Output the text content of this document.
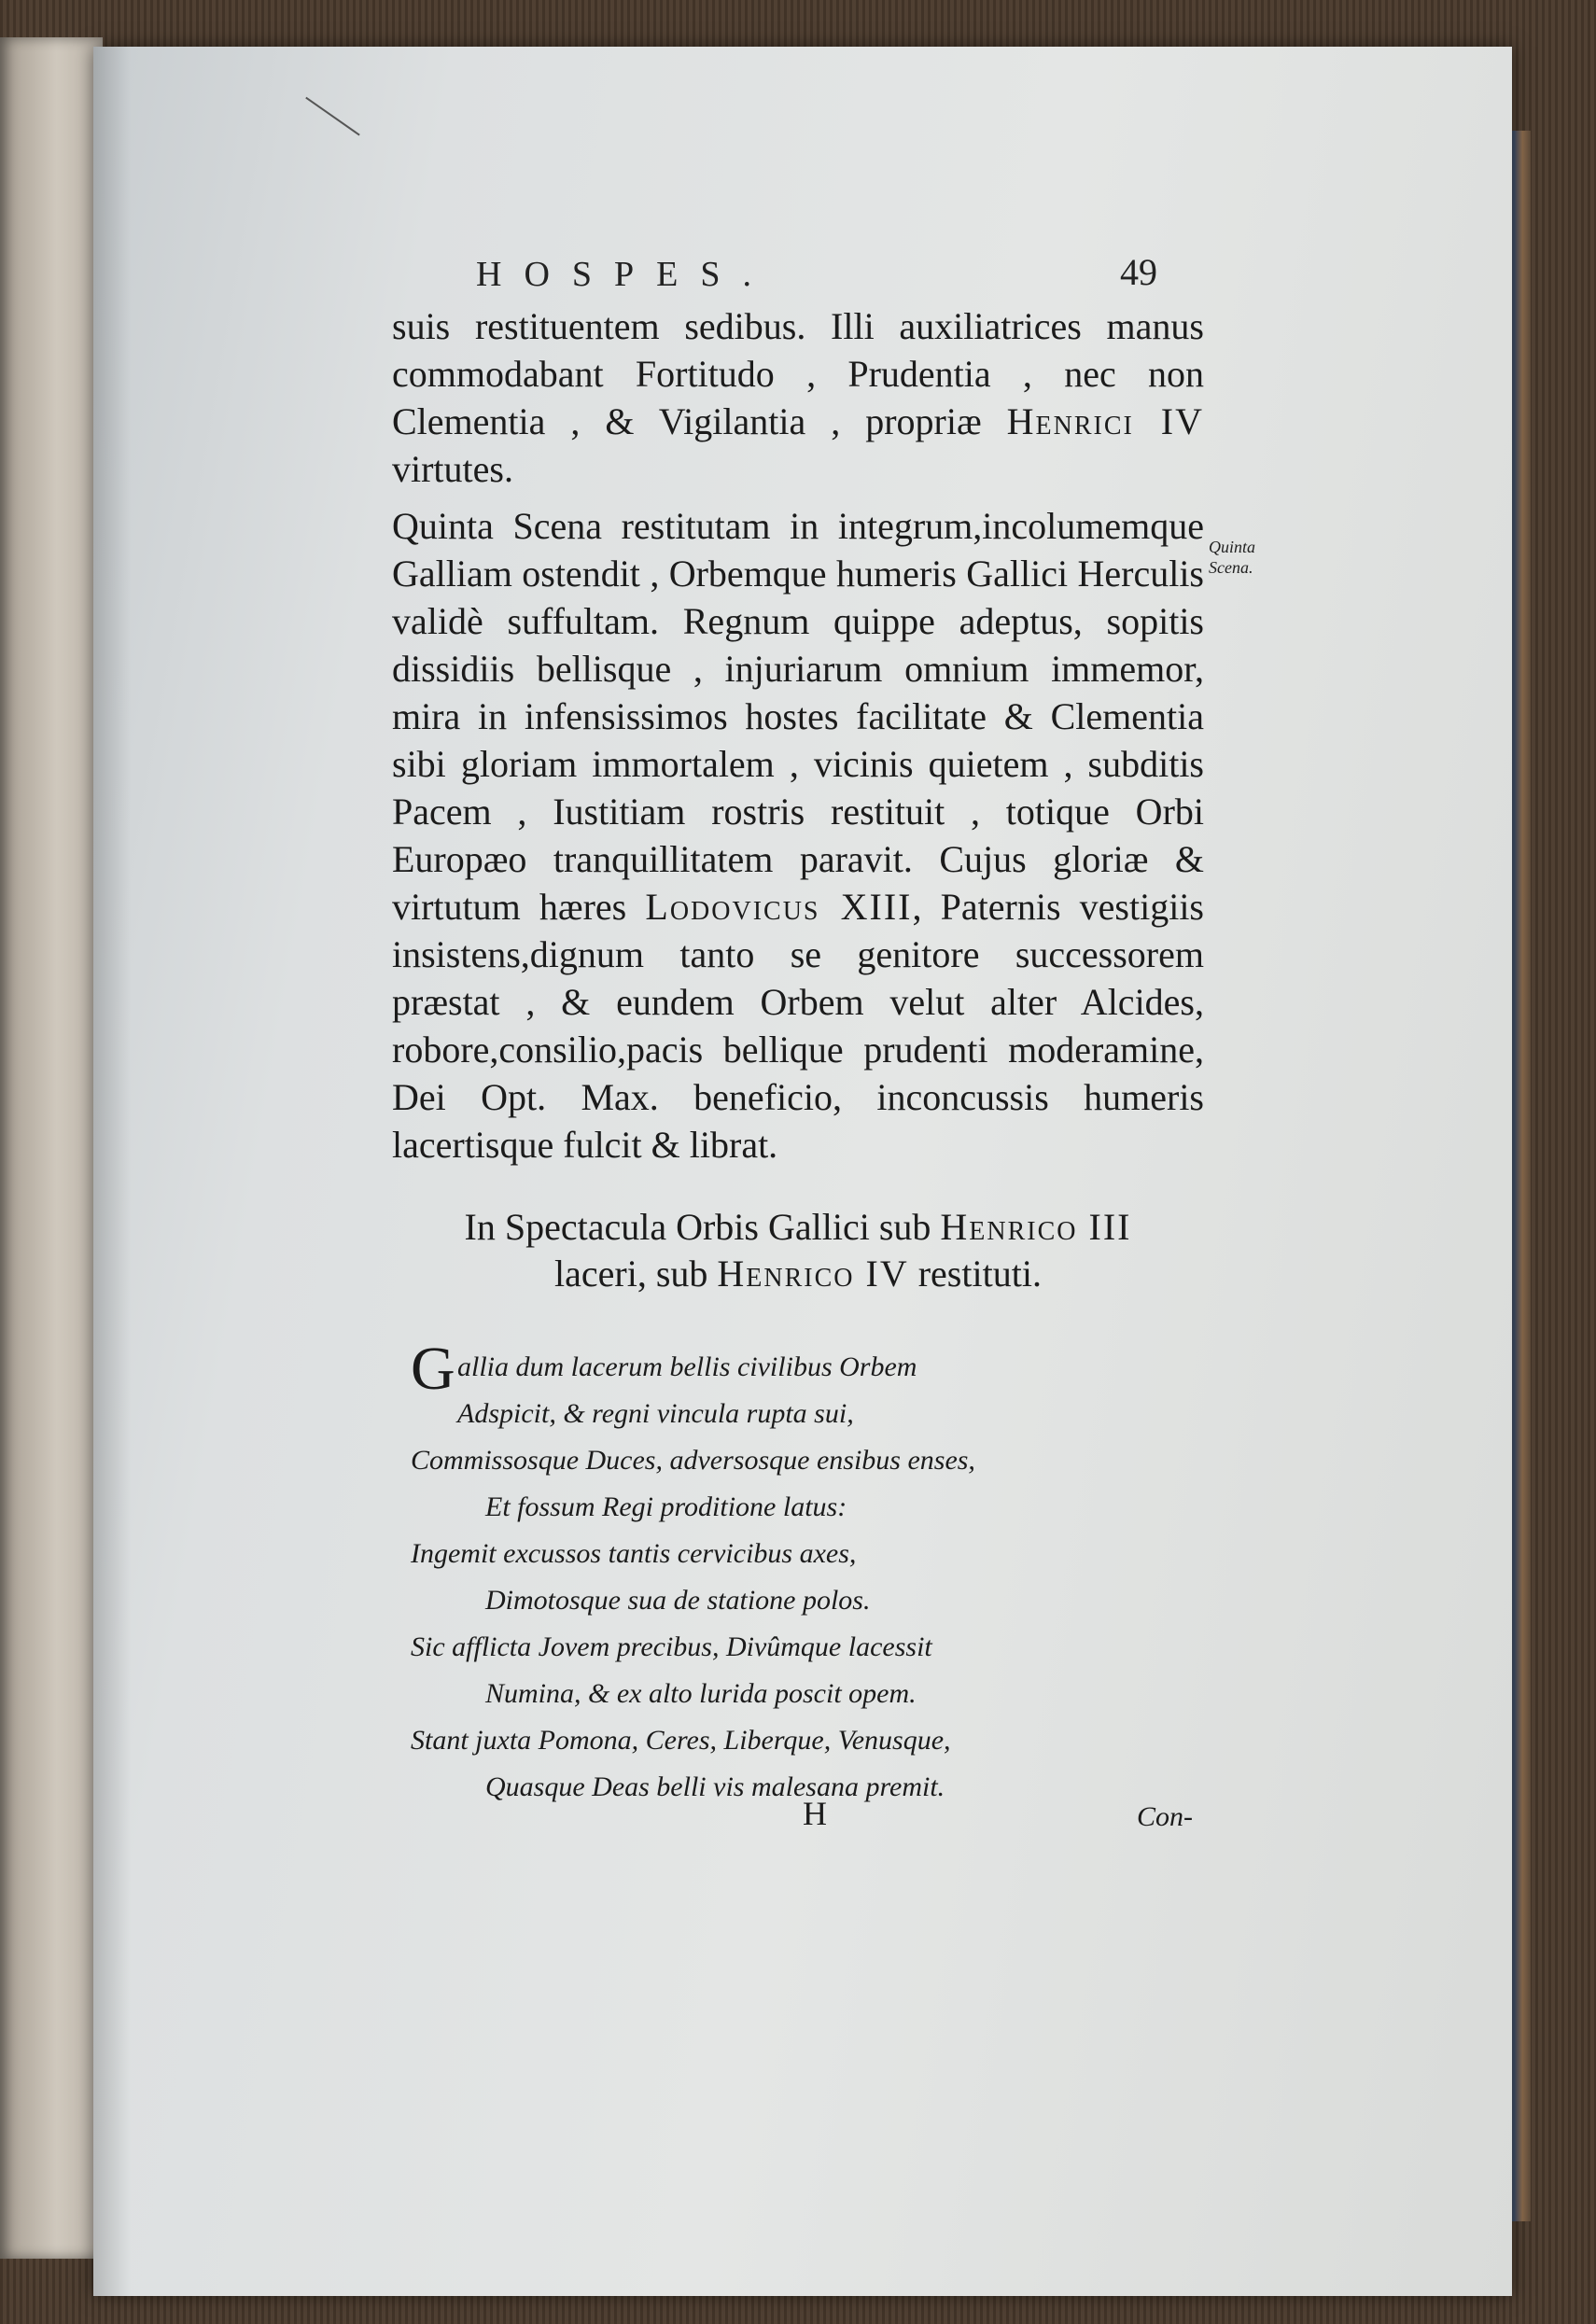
HOSPES.	49

suis restituentem sedibus. Illi auxiliatrices manus commodabant Fortitudo , Prudentia , nec non Clementia , & Vigilantia , propriæ Henrici IV virtutes.

Quinta Scena restitutam in integrum,incolumemque Galliam ostendit , Orbemque humeris Gallici Herculis validè suffultam. Regnum quippe adeptus, sopitis dissidiis bellisque , injuriarum omnium immemor, mira in infensissimos hostes facilitate & Clementia sibi gloriam immortalem , vicinis quietem , subditis Pacem , Iustitiam rostris restituit , totique Orbi Europæo tranquillitatem paravit. Cujus gloriæ & virtutum hæres Lodovicus XIII, Paternis vestigiis insistens,dignum tanto se genitore successorem præstat , & eundem Orbem velut alter Alcides, robore,consilio,pacis bellique prudenti moderamine, Dei Opt. Max. beneficio, inconcussis humeris lacertisque fulcit & librat.

Quinta
Scena.
In Spectacula Orbis Gallici sub Henrico III
laceri, sub Henrico IV restituti.
G allia dum lacerum bellis civilibus Orbem
Adspicit, & regni vincula rupta sui,
Commissosque Duces, adversosque ensibus enses,
Et fossum Regi proditione latus:
Ingemit excussos tantis cervicibus axes,
Dimotosque sua de statione polos.
Sic afflicta Jovem precibus, Divûmque lacessit
Numina, & ex alto lurida poscit opem.
Stant juxta Pomona, Ceres, Liberque, Venusque,
Quasque Deas belli vis malesana premit.
H	Con-
